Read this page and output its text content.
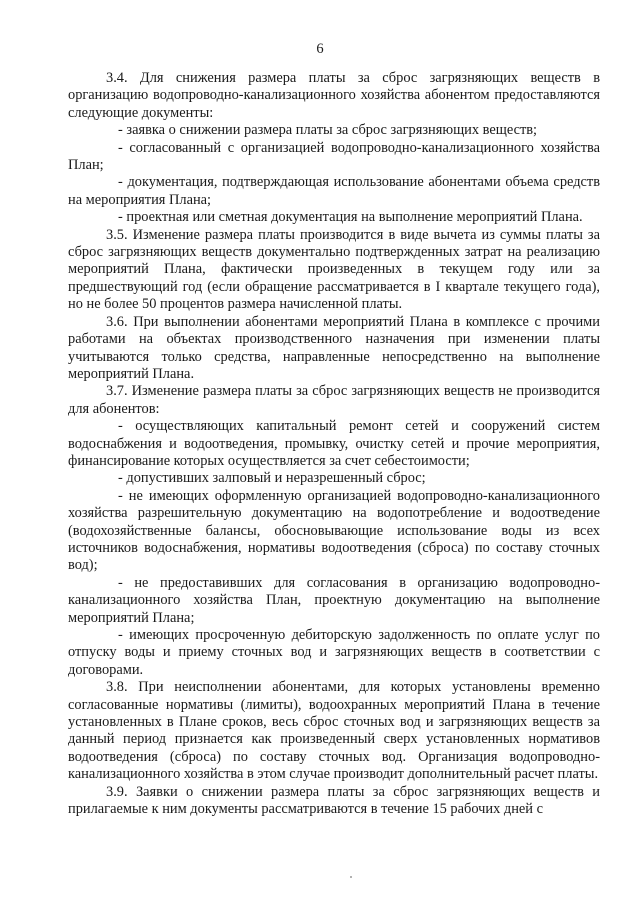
6

3.4. Для снижения размера платы за сброс загрязняющих веществ в организацию водопроводно-канализационного хозяйства абонентом предоставляются следующие документы:

- заявка о снижении размера платы за сброс загрязняющих веществ;

- согласованный с организацией водопроводно-канализационного хозяйства План;

- документация, подтверждающая использование абонентами объема средств на мероприятия Плана;

- проектная или сметная документация на выполнение мероприятий Плана.

3.5. Изменение размера платы производится в виде вычета из суммы платы за сброс загрязняющих веществ документально подтвержденных затрат на реализацию мероприятий Плана, фактически произведенных в текущем году или за предшествующий год (если обращение рассматривается в I квартале текущего года), но не более 50 процентов размера начисленной платы.

3.6. При выполнении абонентами мероприятий Плана в комплексе с прочими работами на объектах производственного назначения при изменении платы учитываются только средства, направленные непосредственно на выполнение мероприятий Плана.

3.7. Изменение размера платы за сброс загрязняющих веществ не производится для абонентов:

- осуществляющих капитальный ремонт сетей и сооружений систем водоснабжения и водоотведения, промывку, очистку сетей и прочие мероприятия, финансирование которых осуществляется за счет себестоимости;

- допустивших залповый и неразрешенный сброс;

- не имеющих оформленную организацией водопроводно-канализационного хозяйства разрешительную документацию на водопотребление и водоотведение (водохозяйственные балансы, обосновывающие использование воды из всех источников водоснабжения, нормативы водоотведения (сброса) по составу сточных вод);

- не предоставивших для согласования в организацию водопроводно-канализационного хозяйства План, проектную документацию на выполнение мероприятий Плана;

- имеющих просроченную дебиторскую задолженность по оплате услуг по отпуску воды и приему сточных вод и загрязняющих веществ в соответствии с договорами.

3.8. При неисполнении абонентами, для которых установлены временно согласованные нормативы (лимиты), водоохранных мероприятий Плана в течение установленных в Плане сроков, весь сброс сточных вод и загрязняющих веществ за данный период признается как произведенный сверх установленных нормативов водоотведения (сброса) по составу сточных вод. Организация водопроводно-канализационного хозяйства в этом случае производит дополнительный расчет платы.

3.9. Заявки о снижении размера платы за сброс загрязняющих веществ и прилагаемые к ним документы рассматриваются в течение 15 рабочих дней с
